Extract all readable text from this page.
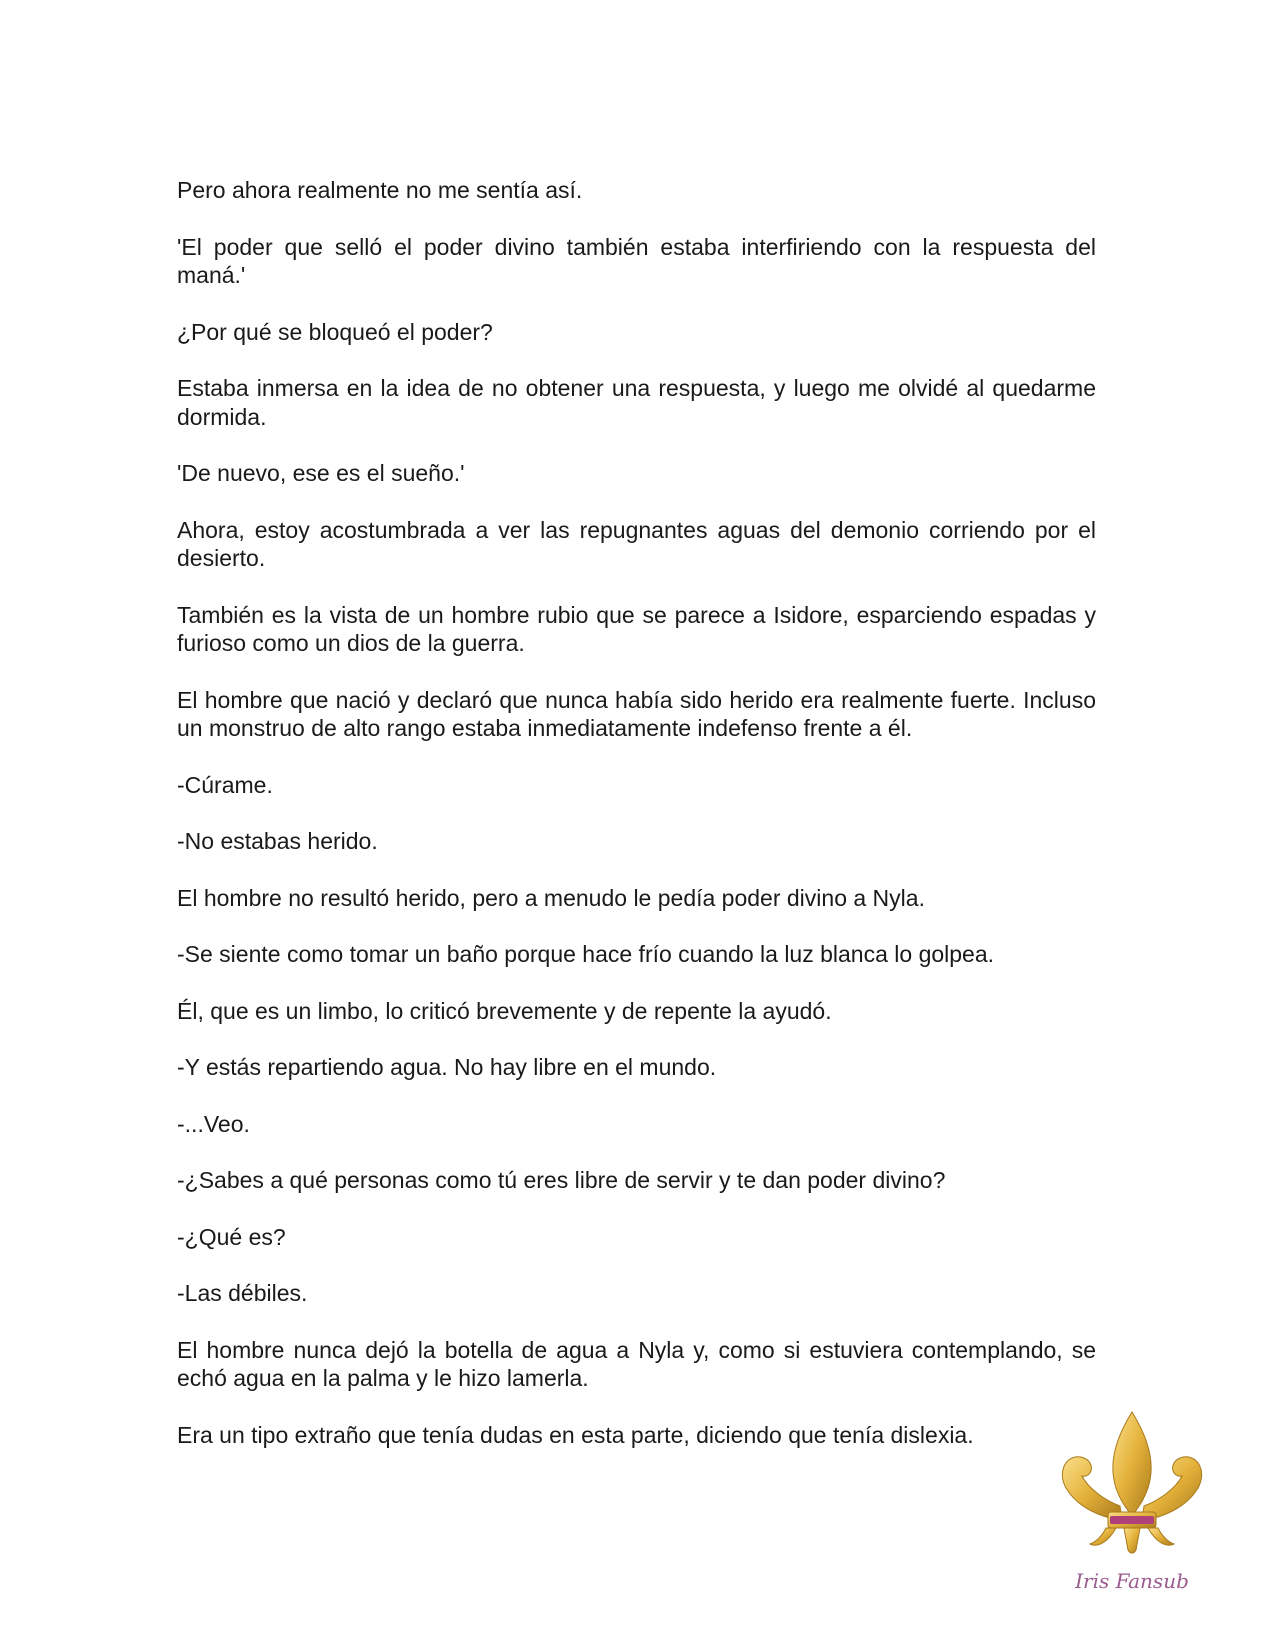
Pero ahora realmente no me sentía así.

'El poder que selló el poder divino también estaba interfiriendo con la respuesta del maná.'

¿Por qué se bloqueó el poder?

Estaba inmersa en la idea de no obtener una respuesta, y luego me olvidé al quedarme dormida.

'De nuevo, ese es el sueño.'

Ahora, estoy acostumbrada a ver las repugnantes aguas del demonio corriendo por el desierto.

También es la vista de un hombre rubio que se parece a Isidore, esparciendo espadas y furioso como un dios de la guerra.

El hombre que nació y declaró que nunca había sido herido era realmente fuerte. Incluso un monstruo de alto rango estaba inmediatamente indefenso frente a él.

-Cúrame.

-No estabas herido.

El hombre no resultó herido, pero a menudo le pedía poder divino a Nyla.

-Se siente como tomar un baño porque hace frío cuando la luz blanca lo golpea.

Él, que es un limbo, lo criticó brevemente y de repente la ayudó.

-Y estás repartiendo agua. No hay libre en el mundo.

-...Veo.

-¿Sabes a qué personas como tú eres libre de servir y te dan poder divino?

-¿Qué es?

-Las débiles.

El hombre nunca dejó la botella de agua a Nyla y, como si estuviera contemplando, se echó agua en la palma y le hizo lamerla.

Era un tipo extraño que tenía dudas en esta parte, diciendo que tenía dislexia.

Iris Fansub
